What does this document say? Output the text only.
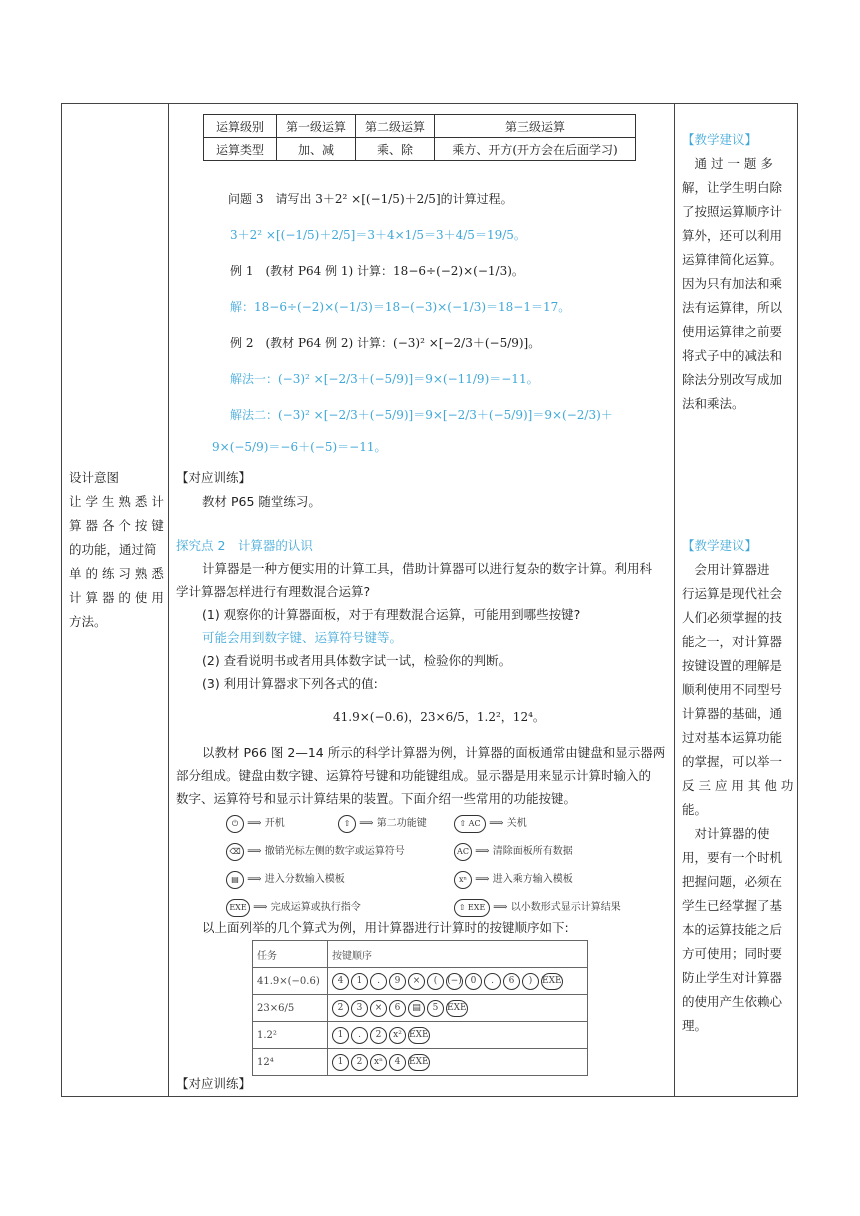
设计意图
让 学 生 熟 悉 计
算 器 各 个 按 键
的功能，通过简
单 的 练 习 熟 悉
计 算 器 的 使 用
方法。
运算级别	第一级运算	第二级运算	第三级运算
运算类型	加、减	乘、除	乘方、开方(开方会在后面学习)
问题 3　请写出 3＋2² ×[(−1/5)＋2/5]的计算过程。
3＋2² ×[(−1/5)＋2/5]＝3＋4×1/5＝3＋4/5＝19/5。
例 1　(教材 P64 例 1) 计算：18−6÷(−2)×(−1/3)。
解：18−6÷(−2)×(−1/3)＝18−(−3)×(−1/3)＝18−1＝17。
例 2　(教材 P64 例 2) 计算：(−3)² ×[−2/3＋(−5/9)]。
解法一：(−3)² ×[−2/3＋(−5/9)]＝9×(−11/9)＝−11。
解法二：(−3)² ×[−2/3＋(−5/9)]＝9×[−2/3＋(−5/9)]＝9×(−2/3)＋
9×(−5/9)＝−6＋(−5)＝−11。
【对应训练】
教材 P65 随堂练习。
探究点 2　计算器的认识
计算器是一种方便实用的计算工具，借助计算器可以进行复杂的数字计算。利用科
学计算器怎样进行有理数混合运算?
(1) 观察你的计算器面板，对于有理数混合运算，可能用到哪些按键?
可能会用到数字键、运算符号键等。
(2) 查看说明书或者用具体数字试一试，检验你的判断。
(3) 利用计算器求下列各式的值:
41.9×(−0.6)，23×6/5，1.2²，12⁴。
以教材 P66 图 2—14 所示的科学计算器为例，计算器的面板通常由键盘和显示器两
部分组成。键盘由数字键、运算符号键和功能键组成。显示器是用来显示计算时输入的
数字、运算符号和显示计算结果的装置。下面介绍一些常用的功能按键。
⏻ ⟹ 开机	⇧ ⟹ 第二功能键	⇧ AC ⟹ 关机
⌫ ⟹ 撤销光标左侧的数字或运算符号	AC ⟹ 清除面板所有数据
▤ ⟹ 进入分数输入模板	xⁿ ⟹ 进入乘方输入模板
EXE ⟹ 完成运算或执行指令	⇧ EXE ⟹ 以小数形式显示计算结果
以上面列举的几个算式为例，用计算器进行计算时的按键顺序如下:
任务	按键顺序
41.9×(−0.6)	4 1 . 9 × ( (−) 0 . 6 ) EXE
23×6/5	2 3 × 6 ▤ 5 EXE
1.2²	1 . 2 x² EXE
12⁴	1 2 xⁿ 4 EXE
【对应训练】
【教学建议】
　通 过 一 题 多
解，让学生明白除
了按照运算顺序计
算外，还可以利用
运算律简化运算。
因为只有加法和乘
法有运算律，所以
使用运算律之前要
将式子中的减法和
除法分别改写成加
法和乘法。
【教学建议】
　会用计算器进
行运算是现代社会
人们必须掌握的技
能之一，对计算器
按键设置的理解是
顺利使用不同型号
计算器的基础，通
过对基本运算功能
的掌握，可以举一
反 三 应 用 其 他 功
能。
　对计算器的使
用，要有一个时机
把握问题，必须在
学生已经掌握了基
本的运算技能之后
方可使用；同时要
防止学生对计算器
的使用产生依赖心
理。
